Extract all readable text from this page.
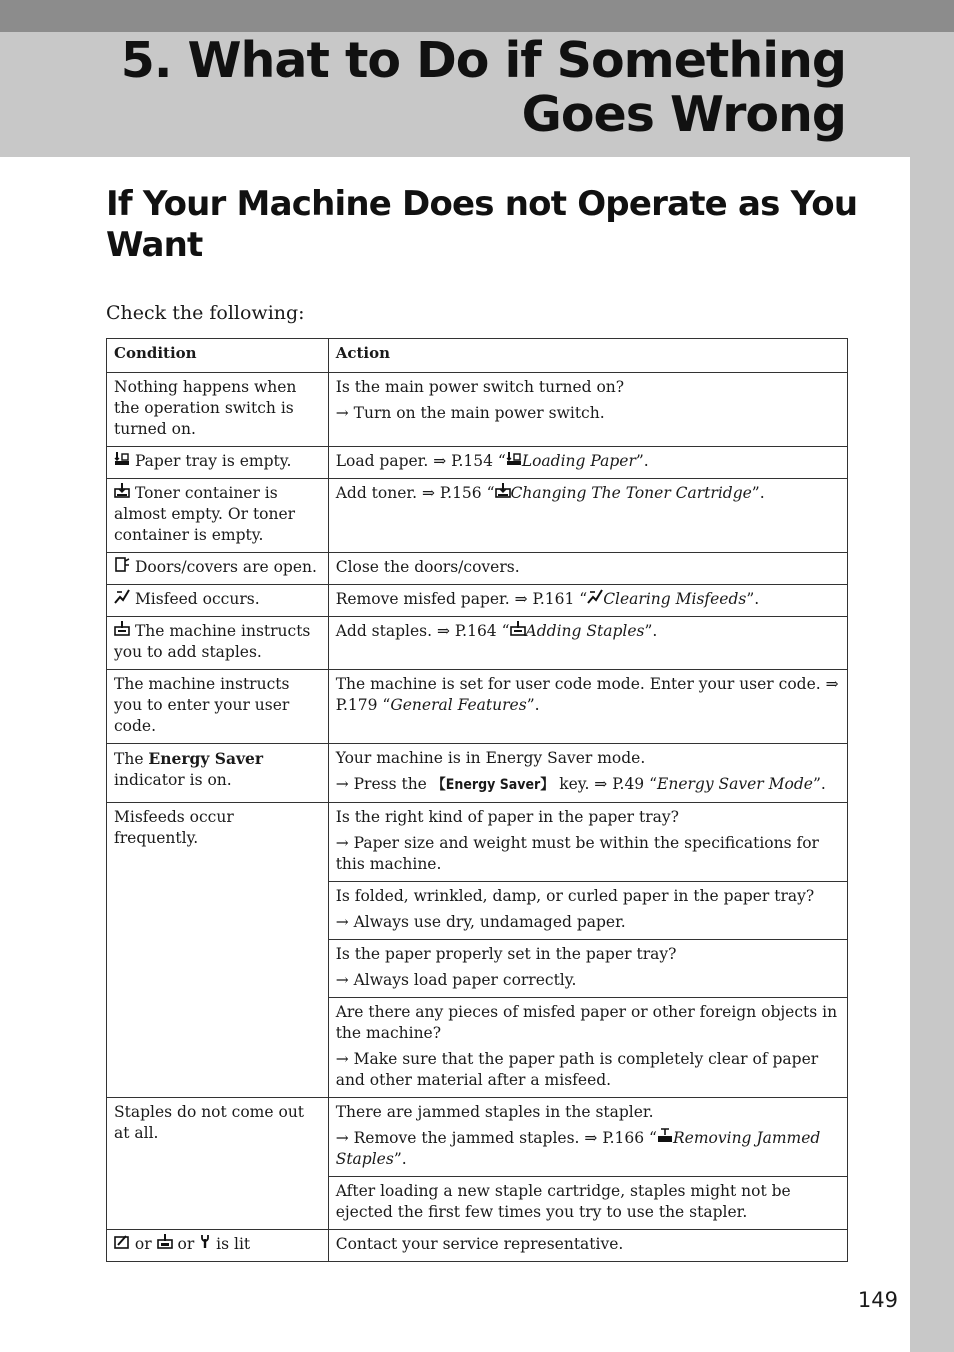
5. What to Do if Something
Goes Wrong
If Your Machine Does not Operate as You Want
Check the following:
Condition	Action
Nothing happens when the operation switch is turned on.	Is the main power switch turned on?
→ Turn on the main power switch.

Paper tray is empty.	Load paper. ⇒ P.154 “ Loading Paper”.
Toner container is almost empty. Or toner container is empty.	Add toner. ⇒ P.156 “ Changing The Toner Cartridge”.
Doors/covers are open.	Close the doors/covers.
Misfeed occurs.	Remove misfed paper. ⇒ P.161 “ Clearing Misfeeds”.
The machine instructs you to add staples.	Add staples. ⇒ P.164 “ Adding Staples”.
The machine instructs you to enter your user code.	The machine is set for user code mode. Enter your user code. ⇒ P.179 “General Features”.
The Energy Saver indicator is on.	Your machine is in Energy Saver mode.
→ Press the 【Energy Saver】 key. ⇒ P.49 “Energy Saver Mode”.

Misfeeds occur frequently.	Is the right kind of paper in the paper tray?
→ Paper size and weight must be within the specifications for this machine.

	Is folded, wrinkled, damp, or curled paper in the paper tray?
→ Always use dry, undamaged paper.

	Is the paper properly set in the paper tray?
→ Always load paper correctly.

	Are there any pieces of misfed paper or other foreign objects in the machine?
→ Make sure that the paper path is completely clear of paper and other material after a misfeed.

Staples do not come out at all.	There are jammed staples in the stapler.
→ Remove the jammed staples. ⇒ P.166 “ Removing Jammed Staples”.

	After loading a new staple cartridge, staples might not be ejected the first few times you try to use the stapler.
or  or  is lit	Contact your service representative.
149
